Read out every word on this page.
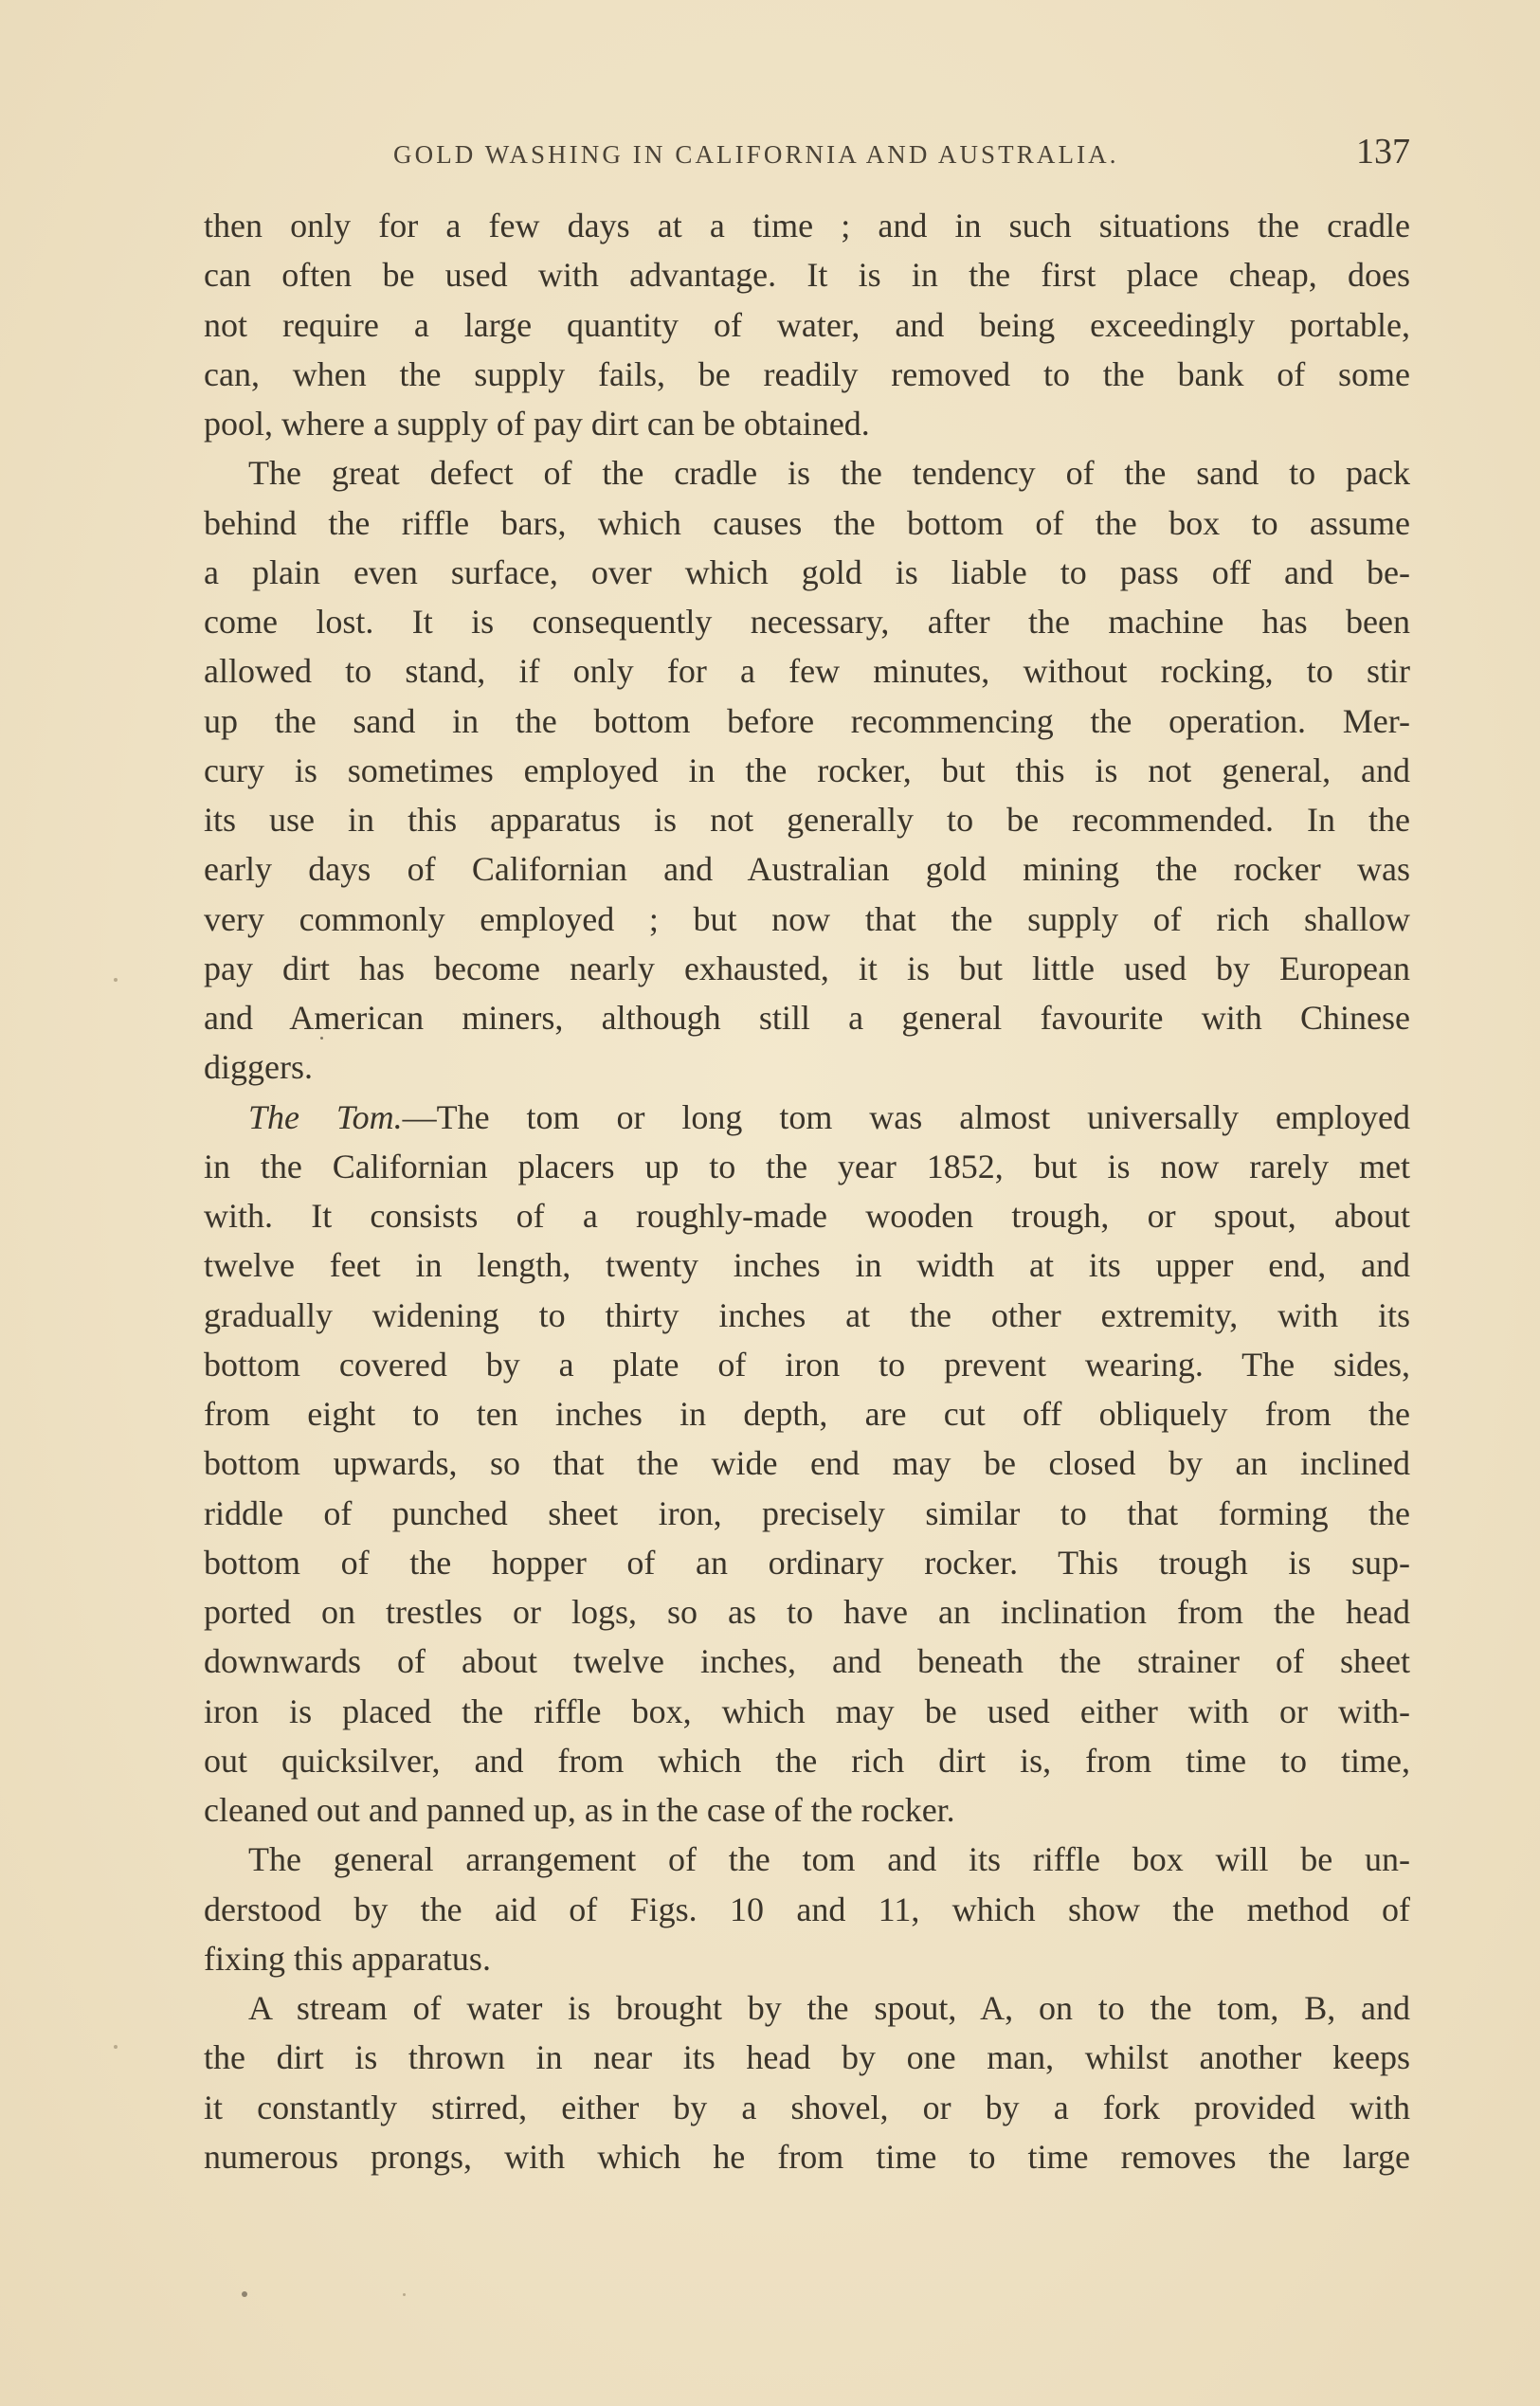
GOLD WASHING IN CALIFORNIA AND AUSTRALIA.	137
then only for a few days at a time ; and in such situations the cradle
can often be used with advantage. It is in the first place cheap, does
not require a large quantity of water, and being exceedingly portable,
can, when the supply fails, be readily removed to the bank of some
pool, where a supply of pay dirt can be obtained.
The great defect of the cradle is the tendency of the sand to pack
behind the riffle bars, which causes the bottom of the box to assume
a plain even surface, over which gold is liable to pass off and be-
come lost. It is consequently necessary, after the machine has been
allowed to stand, if only for a few minutes, without rocking, to stir
up the sand in the bottom before recommencing the operation. Mer-
cury is sometimes employed in the rocker, but this is not general, and
its use in this apparatus is not generally to be recommended. In the
early days of Californian and Australian gold mining the rocker was
very commonly employed ; but now that the supply of rich shallow
pay dirt has become nearly exhausted, it is but little used by European
and American miners, although still a general favourite with Chinese
diggers.
The Tom.—The tom or long tom was almost universally employed
in the Californian placers up to the year 1852, but is now rarely met
with. It consists of a roughly-made wooden trough, or spout, about
twelve feet in length, twenty inches in width at its upper end, and
gradually widening to thirty inches at the other extremity, with its
bottom covered by a plate of iron to prevent wearing. The sides,
from eight to ten inches in depth, are cut off obliquely from the
bottom upwards, so that the wide end may be closed by an inclined
riddle of punched sheet iron, precisely similar to that forming the
bottom of the hopper of an ordinary rocker. This trough is sup-
ported on trestles or logs, so as to have an inclination from the head
downwards of about twelve inches, and beneath the strainer of sheet
iron is placed the riffle box, which may be used either with or with-
out quicksilver, and from which the rich dirt is, from time to time,
cleaned out and panned up, as in the case of the rocker.
The general arrangement of the tom and its riffle box will be un-
derstood by the aid of Figs. 10 and 11, which show the method of
fixing this apparatus.
A stream of water is brought by the spout, A, on to the tom, B, and
the dirt is thrown in near its head by one man, whilst another keeps
it constantly stirred, either by a shovel, or by a fork provided with
numerous prongs, with which he from time to time removes the large
